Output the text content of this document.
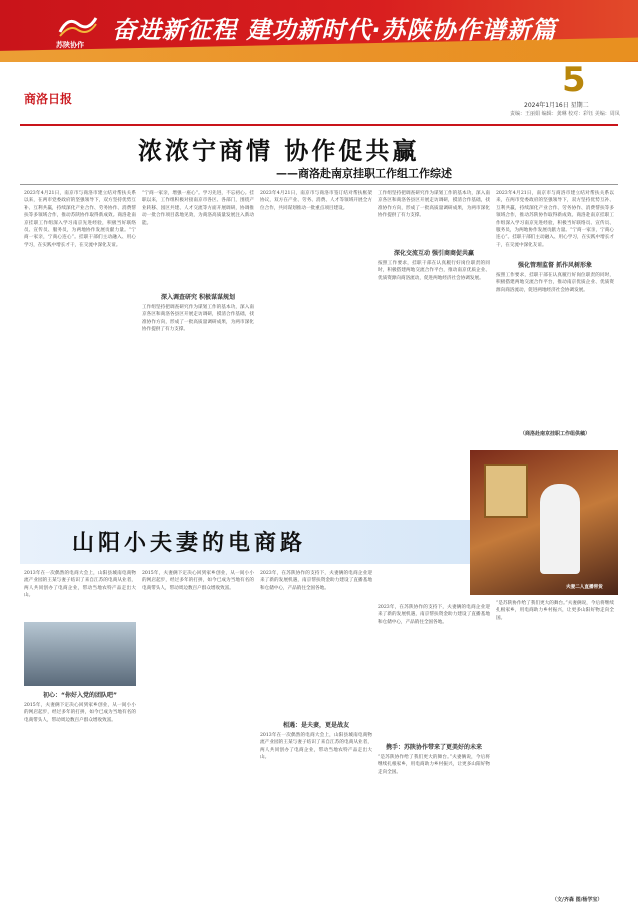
苏陕协作
奋进新征程 建功新时代·苏陕协作谱新篇
商洛日报	5
2024年1月16日 星期二
责编：王丽娟 编辑：龚琳 校对：彩钰 美编：周凤
浓浓宁商情 协作促共赢
——商洛赴南京挂职工作组工作综述
2023年4月21日，南京市与商洛市建立结对帮扶关系以来，在两市党委政府的坚强领导下，双方坚持优势互补、互利共赢，持续深化产业合作、劳务协作、消费帮扶等多领域合作，推动苏陕协作取得新成效。商洛赴南京挂职工作组深入学习南京先进经验，积极当好联络员、宣传员、服务员，为两地协作发展贡献力量。“宁商一家亲，宁商心连心”。挂职干部们主动融入、用心学习，在实践中增长才干，在交流中深化友谊。
“宁商一家亲，增强一座心”。学习先进，不忘初心。挂职以来，工作组积极对接南京市各区、各部门，围绕产业转移、园区共建、人才交流等方面开展调研，协调推动一批合作项目落地见效，为商洛高质量发展注入新动能。
深入调查研究 积极谋谋规划
工作组坚持把调查研究作为谋划工作的基本功，深入南京各区和商洛各县区开展走访调研，摸清合作基础，找准协作方向，形成了一批高质量调研成果，为两市深化协作提供了有力支撑。
2023年4月21日，南京市与商洛市签订结对帮扶框架协议，双方在产业、劳务、消费、人才等领域开展全方位合作，共同谋划推动一批重点项目建设。
深化交流互动 强引商商促共赢
工作组坚持把调查研究作为谋划工作的基本功，深入南京各区和商洛各县区开展走访调研，摸清合作基础，找准协作方向，形成了一批高质量调研成果，为两市深化协作提供了有力支撑。
按照工作要求，挂职干部在认真履行好岗位职责的同时，积极搭建两地交流合作平台，推动南京优质企业、优质资源向商洛流动，促进两地经济社会协调发展。
2023年4月21日，南京市与商洛市建立结对帮扶关系以来，在两市党委政府的坚强领导下，双方坚持优势互补、互利共赢，持续深化产业合作、劳务协作、消费帮扶等多领域合作，推动苏陕协作取得新成效。商洛赴南京挂职工作组深入学习南京先进经验，积极当好联络员、宣传员、服务员，为两地协作发展贡献力量。“宁商一家亲，宁商心连心”。挂职干部们主动融入、用心学习，在实践中增长才干，在交流中深化友谊。
强化管理监督 抓作风树形象
按照工作要求，挂职干部在认真履行好岗位职责的同时，积极搭建两地交流合作平台，推动南京优质企业、优质资源向商洛流动，促进两地经济社会协调发展。
（商洛赴南京挂职工作组供稿）
山阳小夫妻的电商路
夫妻二人直播带货
2013年在一次偶然的电商大会上，山阳县城南电商物流产业园的王某与妻子结识了来自江苏的电商从业者，两人共同创办了电商企业，带动当地农特产品走出大山。
初心：“你好入党的团队吧”
2015年，夫妻俩下定决心回到家乡创业，从一间小小的网店起步，经过多年的打拼，如今已成为当地有名的电商带头人，带动周边数百户群众增收致富。
2015年，夫妻俩下定决心回到家乡创业，从一间小小的网店起步，经过多年的打拼，如今已成为当地有名的电商带头人，带动周边数百户群众增收致富。
相遇：是夫妻，更是战友
2023年，在苏陕协作的支持下，夫妻俩的电商企业迎来了新的发展机遇，南京帮扶资金助力建设了直播基地和仓储中心，产品销往全国各地。
2013年在一次偶然的电商大会上，山阳县城南电商物流产业园的王某与妻子结识了来自江苏的电商从业者，两人共同创办了电商企业，带动当地农特产品走出大山。
携手：苏陕协作带来了更美好的未来
2023年，在苏陕协作的支持下，夫妻俩的电商企业迎来了新的发展机遇，南京帮扶资金助力建设了直播基地和仓储中心，产品销往全国各地。
“是苏陕协作给了我们更大的舞台。”夫妻俩说，今后将继续扎根家乡，用电商助力乡村振兴，让更多山阳好物走向全国。
“是苏陕协作给了我们更大的舞台。”夫妻俩说，今后将继续扎根家乡，用电商助力乡村振兴，让更多山阳好物走向全国。
（文/齐森 图/杨学宝）
